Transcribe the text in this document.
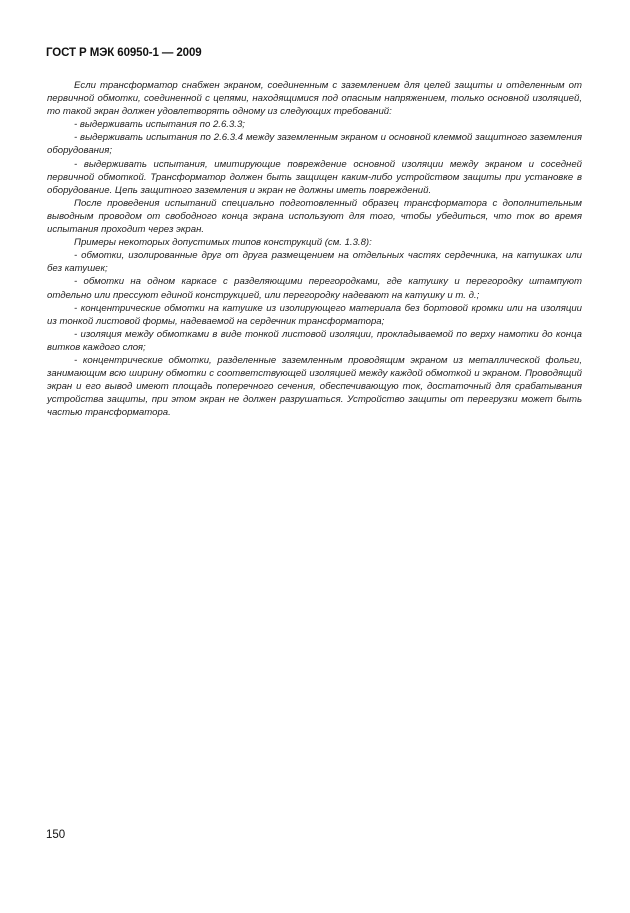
ГОСТ Р МЭК 60950-1 — 2009

Если трансформатор снабжен экраном, соединенным с заземлением для целей защиты и отделенным от первичной обмотки, соединенной с цепями, находящимися под опасным напряжением, только основной изоляцией, то такой экран должен удовлетворять одному из следующих требований:

- выдерживать испытания по 2.6.3.3;

- выдерживать испытания по 2.6.3.4 между заземленным экраном и основной клеммой защитного заземления оборудования;

- выдерживать испытания, имитирующие повреждение основной изоляции между экраном и соседней первичной обмоткой. Трансформатор должен быть защищен каким-либо устройством защиты при установке в оборудование. Цепь защитного заземления и экран не должны иметь повреждений.

После проведения испытаний специально подготовленный образец трансформатора с дополнительным выводным проводом от свободного конца экрана используют для того, чтобы убедиться, что ток во время испытания проходит через экран.

Примеры некоторых допустимых типов конструкций (см. 1.3.8):

- обмотки, изолированные друг от друга размещением на отдельных частях сердечника, на катушках или без катушек;

- обмотки на одном каркасе с разделяющими перегородками, где катушку и перегородку штампуют отдельно или прессуют единой конструкцией, или перегородку надевают на катушку и т. д.;

- концентрические обмотки на катушке из изолирующего материала без бортовой кромки или на изоляции из тонкой листовой формы, надеваемой на сердечник трансформатора;

- изоляция между обмотками в виде тонкой листовой изоляции, прокладываемой по верху намотки до конца витков каждого слоя;

- концентрические обмотки, разделенные заземленным проводящим экраном из металлической фольги, занимающим всю ширину обмотки с соответствующей изоляцией между каждой обмоткой и экраном. Проводящий экран и его вывод имеют площадь поперечного сечения, обеспечивающую ток, достаточный для срабатывания устройства защиты, при этом экран не должен разрушаться. Устройство защиты от перегрузки может быть частью трансформатора.

150
